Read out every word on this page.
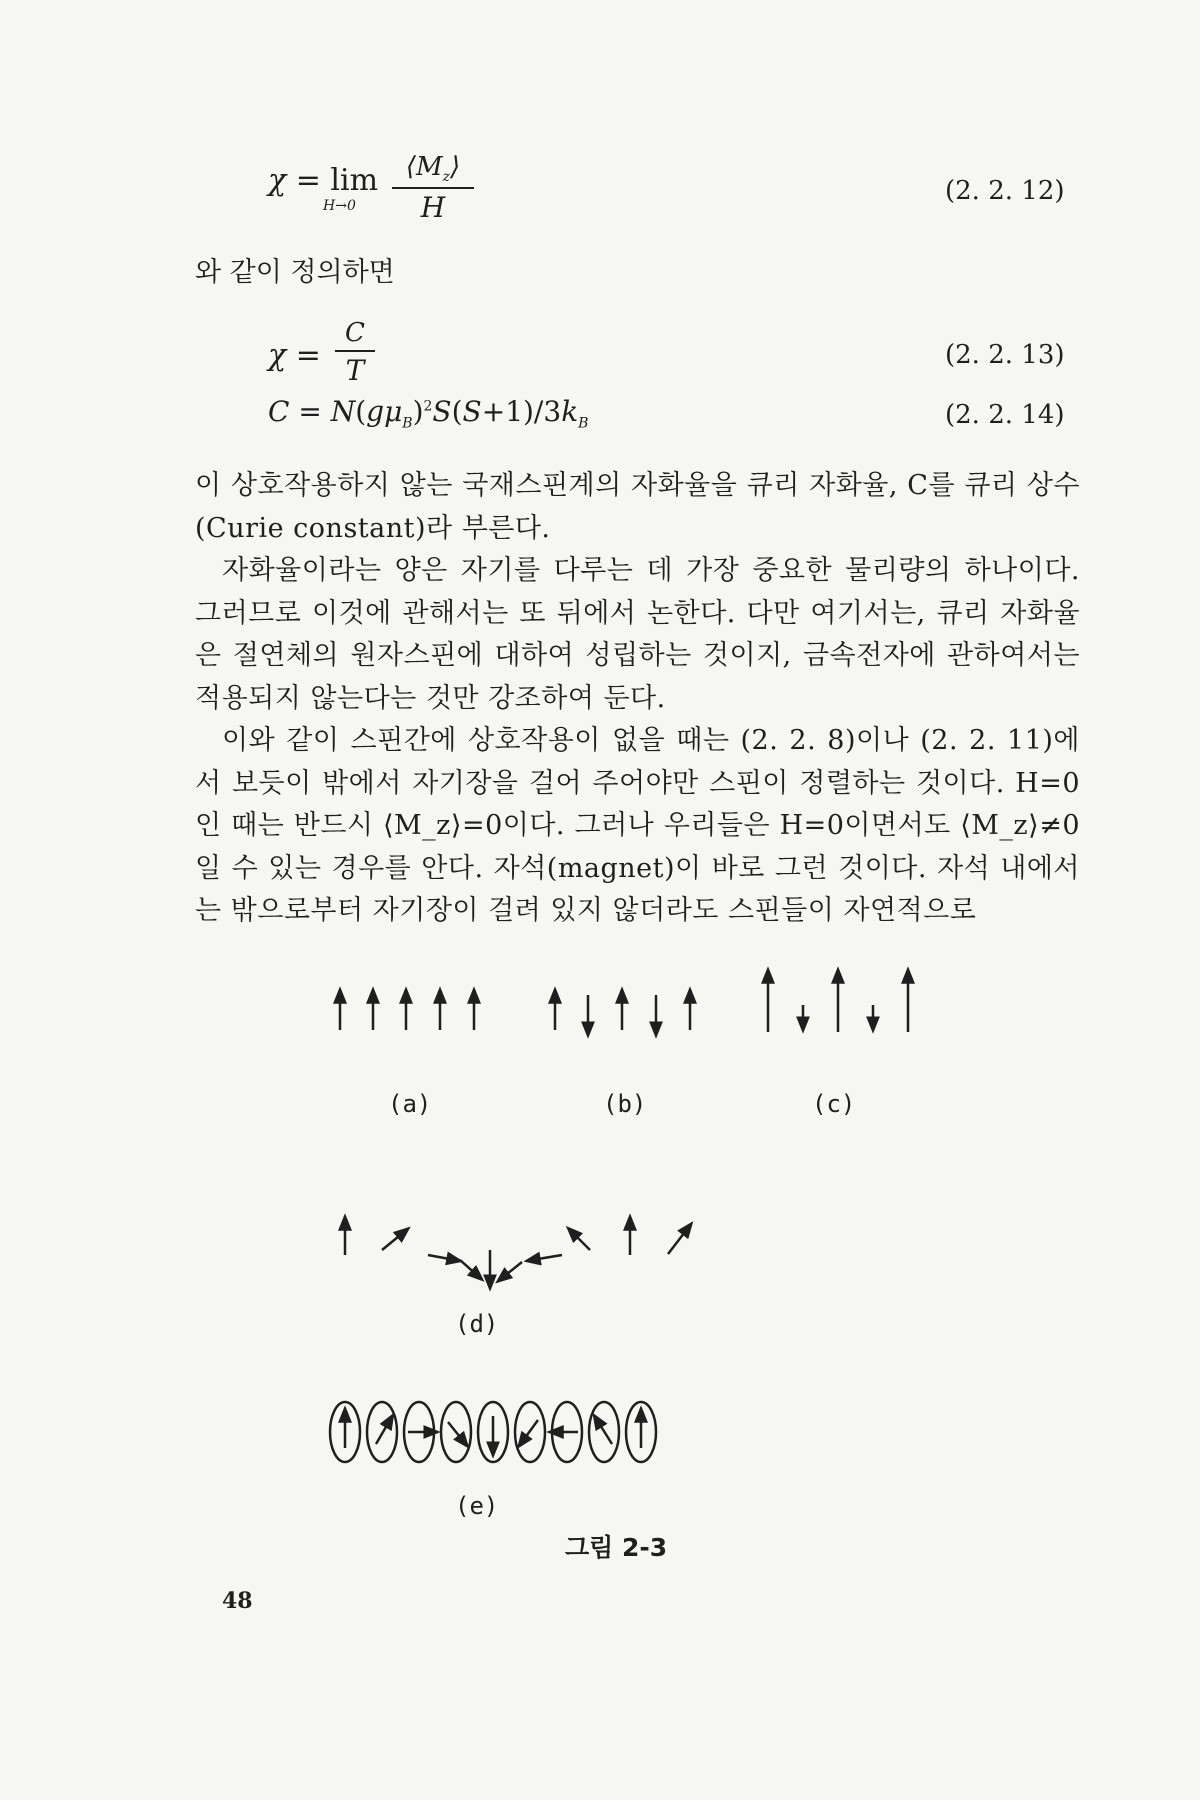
χ = lim
H→0
$⟨M_z⟩$
H
(2. 2. 12)
와 같이 정의하면
χ =
C
T	(2. 2. 13)
$C = N(g\mu_B)^2S(S+1)/3k_B$	(2. 2. 14)
이 상호작용하지 않는 국재스핀계의 자화율을 큐리 자화율, C를 큐리 상수(Curie constant)라 부른다.
자화율이라는 양은 자기를 다루는 데 가장 중요한 물리량의 하나이다. 그러므로 이것에 관해서는 또 뒤에서 논한다. 다만 여기서는, 큐리 자화율은 절연체의 원자스핀에 대하여 성립하는 것이지, 금속전자에 관하여서는 적용되지 않는다는 것만 강조하여 둔다.
이와 같이 스핀간에 상호작용이 없을 때는 (2. 2. 8)이나 (2. 2. 11)에서 보듯이 밖에서 자기장을 걸어 주어야만 스핀이 정렬하는 것이다. H=0인 때는 반드시 ⟨M_z⟩=0이다. 그러나 우리들은 H=0이면서도 ⟨M_z⟩≠0일 수 있는 경우를 안다. 자석(magnet)이 바로 그런 것이다. 자석 내에서는 밖으로부터 자기장이 걸려 있지 않더라도 스핀들이 자연적으로
(a)	(b)	(c)
(d)
(e)
그림 2-3
48
